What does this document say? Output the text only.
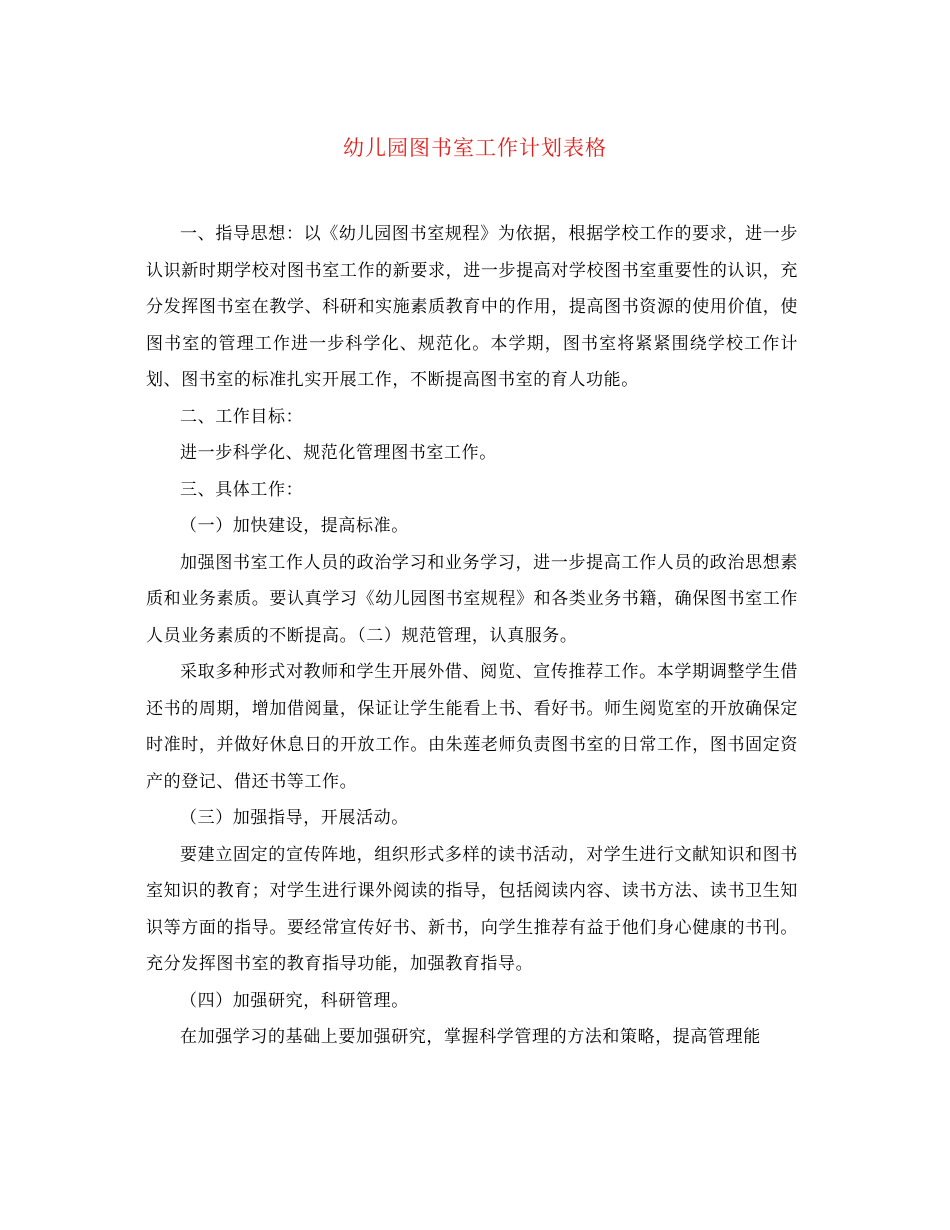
幼儿园图书室工作计划表格

一、指导思想：以《幼儿园图书室规程》为依据，根据学校工作的要求，进一步认识新时期学校对图书室工作的新要求，进一步提高对学校图书室重要性的认识，充分发挥图书室在教学、科研和实施素质教育中的作用，提高图书资源的使用价值，使图书室的管理工作进一步科学化、规范化。本学期，图书室将紧紧围绕学校工作计划、图书室的标准扎实开展工作，不断提高图书室的育人功能。

二、工作目标：

进一步科学化、规范化管理图书室工作。

三、具体工作：

（一）加快建设，提高标准。

加强图书室工作人员的政治学习和业务学习，进一步提高工作人员的政治思想素质和业务素质。要认真学习《幼儿园图书室规程》和各类业务书籍，确保图书室工作人员业务素质的不断提高。（二）规范管理，认真服务。

采取多种形式对教师和学生开展外借、阅览、宣传推荐工作。本学期调整学生借还书的周期，增加借阅量，保证让学生能看上书、看好书。师生阅览室的开放确保定时准时，并做好休息日的开放工作。由朱莲老师负责图书室的日常工作，图书固定资产的登记、借还书等工作。

（三）加强指导，开展活动。

要建立固定的宣传阵地，组织形式多样的读书活动，对学生进行文献知识和图书室知识的教育；对学生进行课外阅读的指导，包括阅读内容、读书方法、读书卫生知识等方面的指导。要经常宣传好书、新书，向学生推荐有益于他们身心健康的书刊。充分发挥图书室的教育指导功能，加强教育指导。

（四）加强研究，科研管理。

在加强学习的基础上要加强研究，掌握科学管理的方法和策略，提高管理能
